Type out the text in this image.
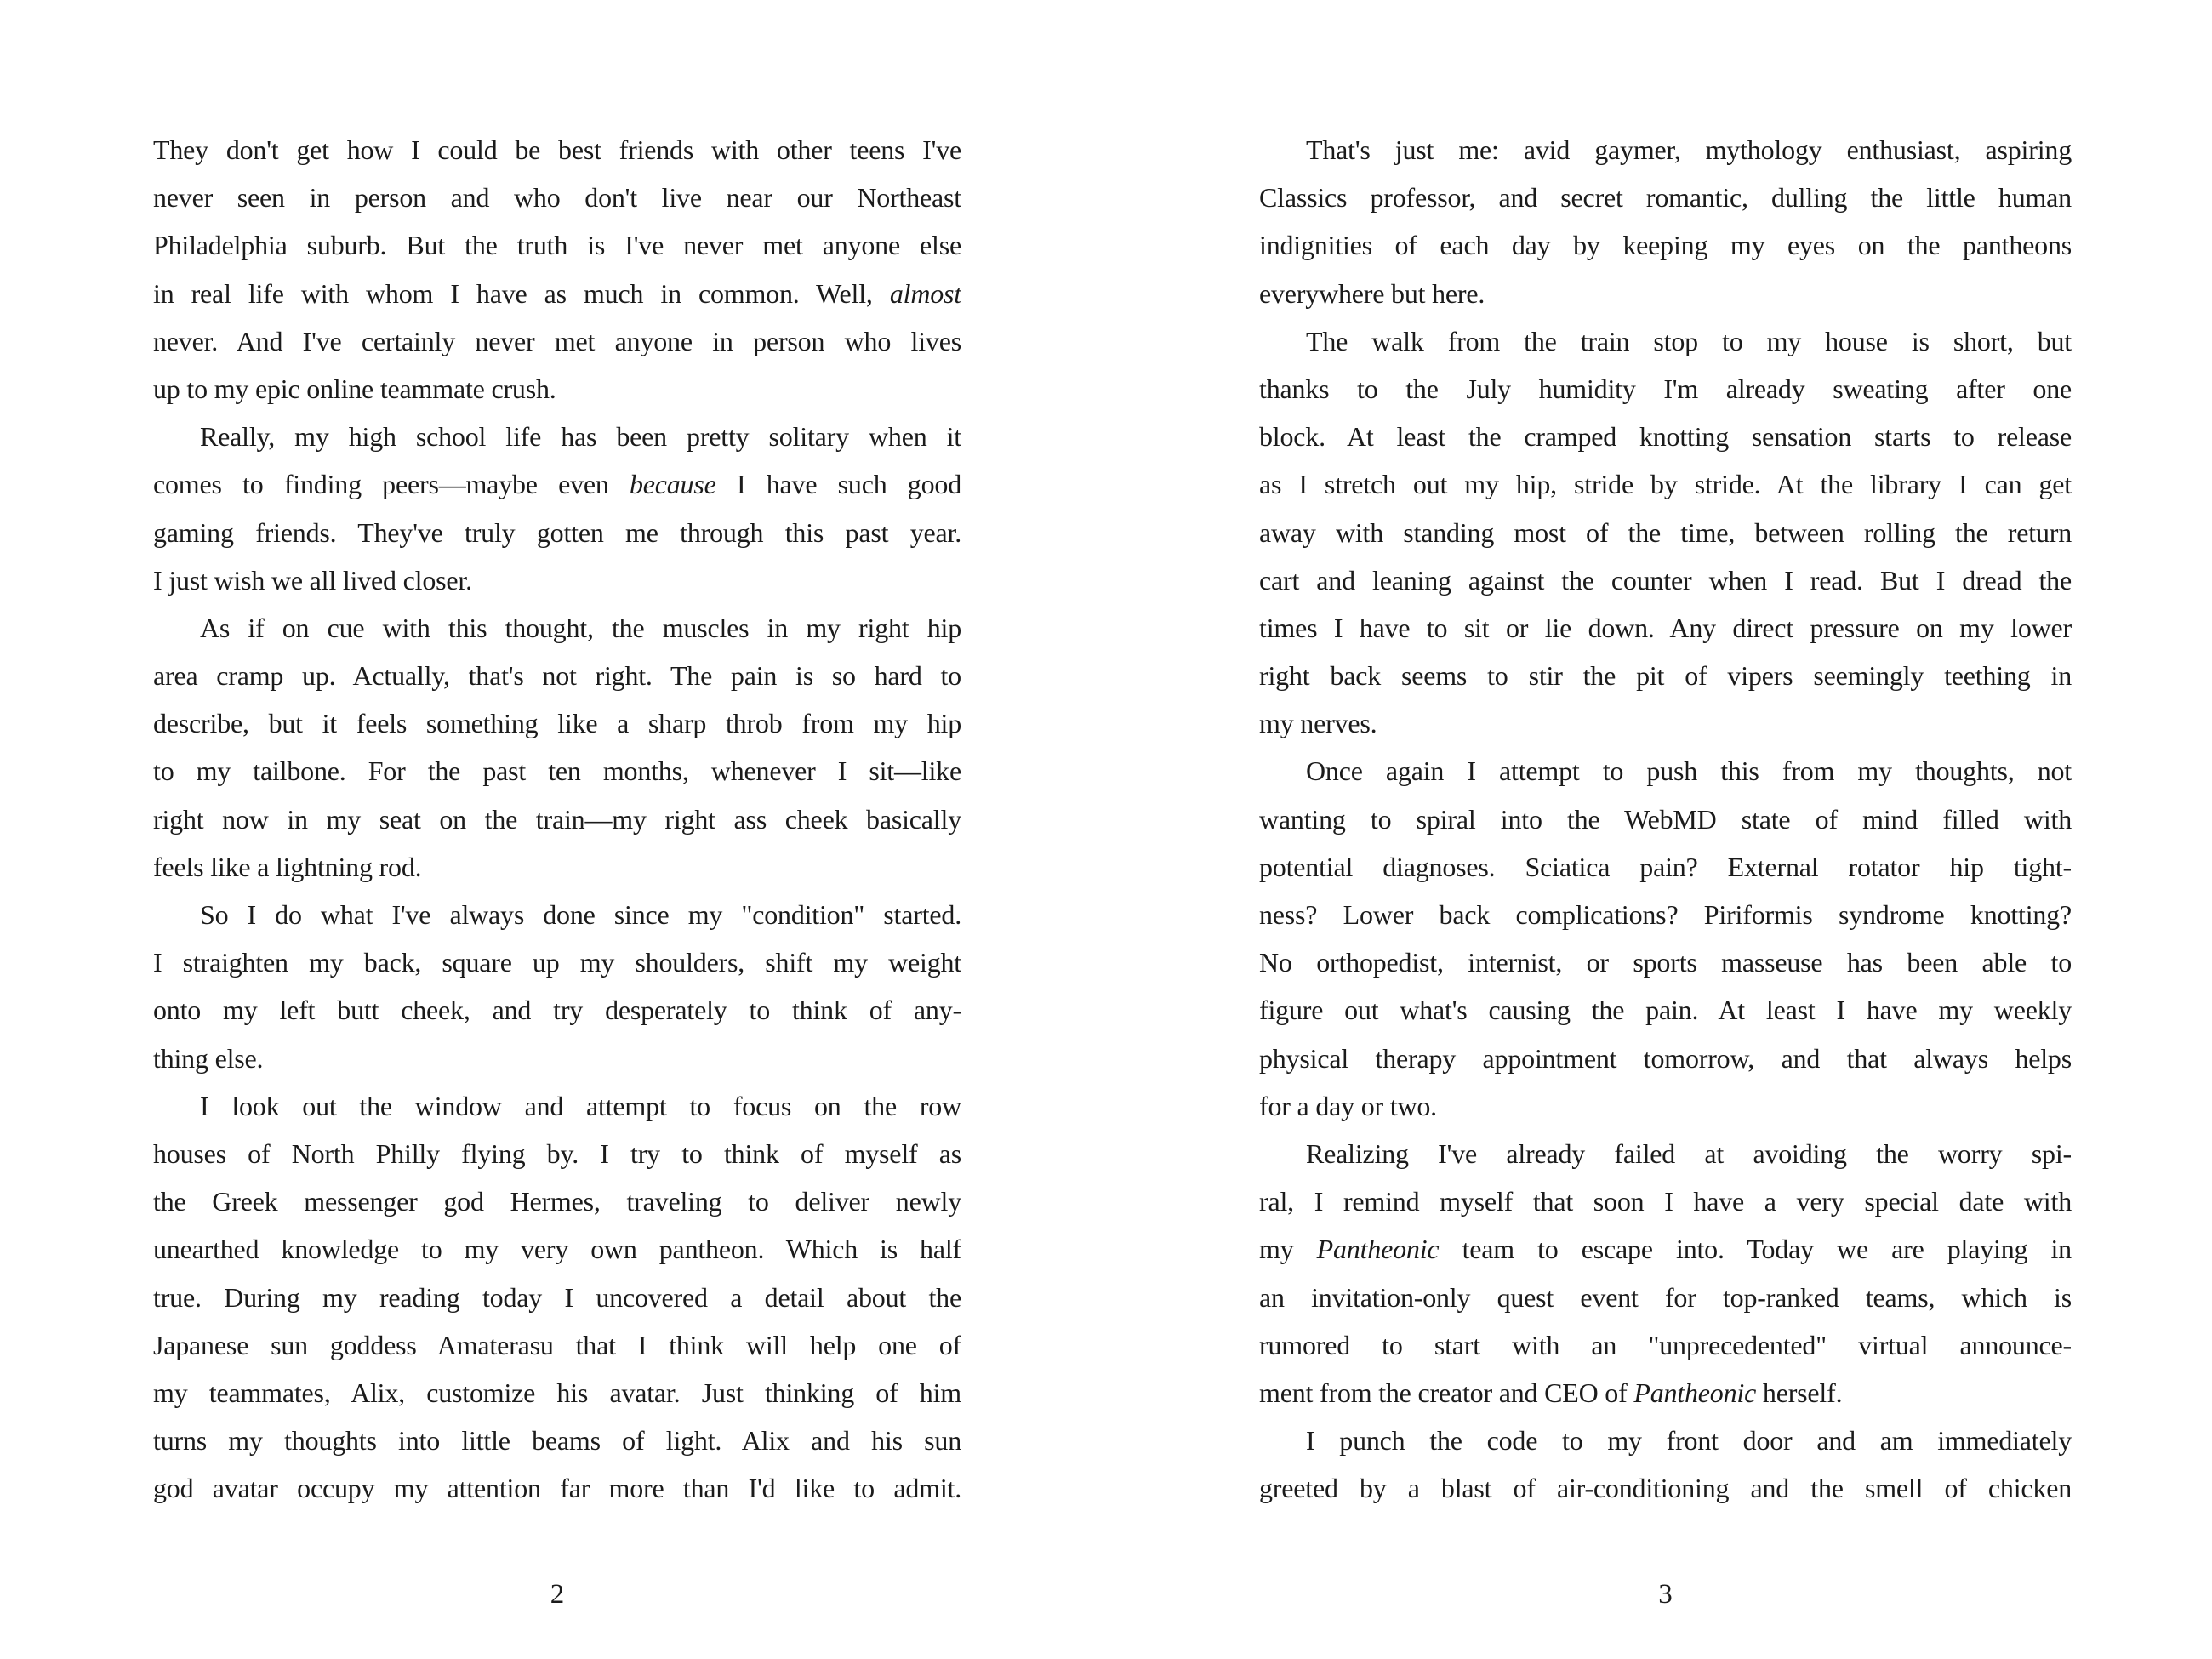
They don't get how I could be best friends with other teens I've
never seen in person and who don't live near our Northeast
Philadelphia suburb. But the truth is I've never met anyone else
in real life with whom I have as much in common. Well, almost
never. And I've certainly never met anyone in person who lives
up to my epic online teammate crush.
Really, my high school life has been pretty solitary when it
comes to finding peers—maybe even because I have such good
gaming friends. They've truly gotten me through this past year.
I just wish we all lived closer.
As if on cue with this thought, the muscles in my right hip
area cramp up. Actually, that's not right. The pain is so hard to
describe, but it feels something like a sharp throb from my hip
to my tailbone. For the past ten months, whenever I sit—like
right now in my seat on the train—my right ass cheek basically
feels like a lightning rod.
So I do what I've always done since my "condition" started.
I straighten my back, square up my shoulders, shift my weight
onto my left butt cheek, and try desperately to think of any-
thing else.
I look out the window and attempt to focus on the row
houses of North Philly flying by. I try to think of myself as
the Greek messenger god Hermes, traveling to deliver newly
unearthed knowledge to my very own pantheon. Which is half
true. During my reading today I uncovered a detail about the
Japanese sun goddess Amaterasu that I think will help one of
my teammates, Alix, customize his avatar. Just thinking of him
turns my thoughts into little beams of light. Alix and his sun
god avatar occupy my attention far more than I'd like to admit.
That's just me: avid gaymer, mythology enthusiast, aspiring
Classics professor, and secret romantic, dulling the little human
indignities of each day by keeping my eyes on the pantheons
everywhere but here.
The walk from the train stop to my house is short, but
thanks to the July humidity I'm already sweating after one
block. At least the cramped knotting sensation starts to release
as I stretch out my hip, stride by stride. At the library I can get
away with standing most of the time, between rolling the return
cart and leaning against the counter when I read. But I dread the
times I have to sit or lie down. Any direct pressure on my lower
right back seems to stir the pit of vipers seemingly teething in
my nerves.
Once again I attempt to push this from my thoughts, not
wanting to spiral into the WebMD state of mind filled with
potential diagnoses. Sciatica pain? External rotator hip tight-
ness? Lower back complications? Piriformis syndrome knotting?
No orthopedist, internist, or sports masseuse has been able to
figure out what's causing the pain. At least I have my weekly
physical therapy appointment tomorrow, and that always helps
for a day or two.
Realizing I've already failed at avoiding the worry spi-
ral, I remind myself that soon I have a very special date with
my Pantheonic team to escape into. Today we are playing in
an invitation-only quest event for top-ranked teams, which is
rumored to start with an "unprecedented" virtual announce-
ment from the creator and CEO of Pantheonic herself.
I punch the code to my front door and am immediately
greeted by a blast of air-conditioning and the smell of chicken
2	3
